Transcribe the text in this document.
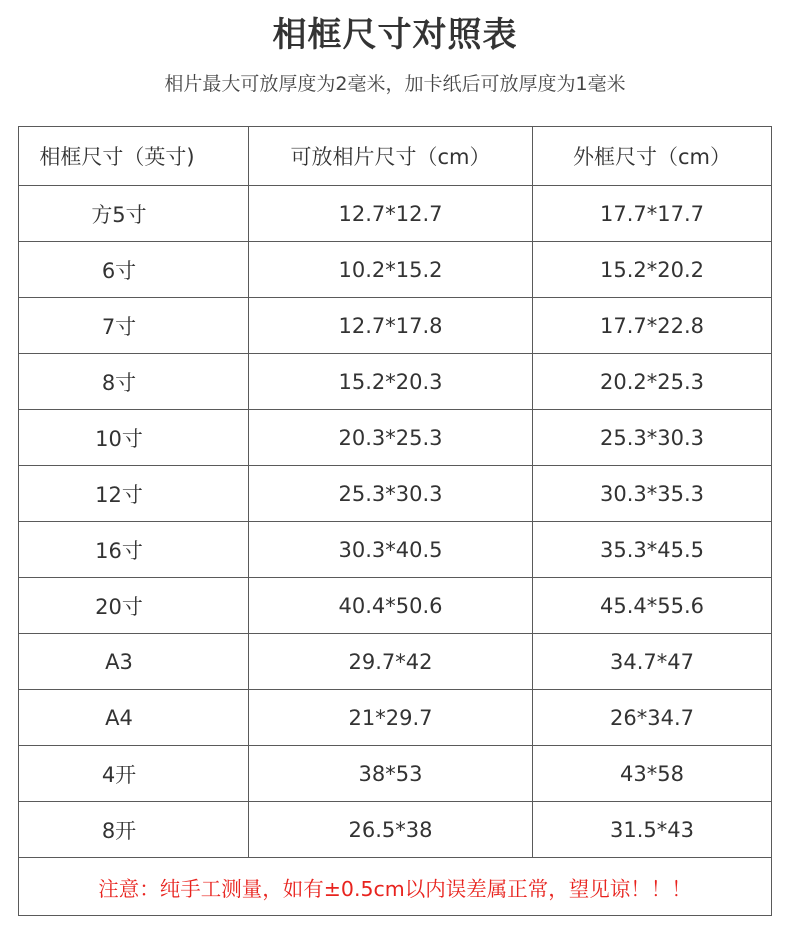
相框尺寸对照表
相片最大可放厚度为2毫米，加卡纸后可放厚度为1毫米
相框尺寸（英寸)	可放相片尺寸（cm）	外框尺寸（cm）
方5寸	12.7*12.7	17.7*17.7
6寸	10.2*15.2	15.2*20.2
7寸	12.7*17.8	17.7*22.8
8寸	15.2*20.3	20.2*25.3
10寸	20.3*25.3	25.3*30.3
12寸	25.3*30.3	30.3*35.3
16寸	30.3*40.5	35.3*45.5
20寸	40.4*50.6	45.4*55.6
A3	29.7*42	34.7*47
A4	21*29.7	26*34.7
4开	38*53	43*58
8开	26.5*38	31.5*43
注意：纯手工测量，如有±0.5cm以内误差属正常，望见谅！！！		
